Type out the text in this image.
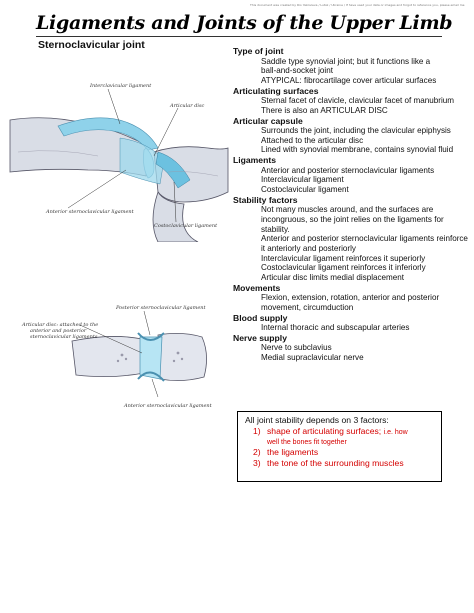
This document was created by Rio Yakovleva / Lutsk / Ukraine / If have used your data or images and forgot to reference you, please email me
Ligaments and Joints of the Upper Limb
Sternoclavicular joint
Interclavicular ligament
Articular disc
Anterior sternoclavicular ligament
Costoclavicular ligament
Posterior sternoclavicular ligament
Articular disc: attached to the
anterior and posterior
sternoclavicular ligaments
Anterior sternoclavicular ligament
Type of joint
Saddle type synovial joint; but it functions like a
ball-and-socket joint
ATYPICAL: fibrocartilage cover articular surfaces
Articulating surfaces
Sternal facet of clavicle, clavicular facet of manubrium
There is also an ARTICULAR DISC
Articular capsule
Surrounds the joint, including the clavicular epiphysis
Attached to the articular disc
Lined with synovial membrane, contains synovial fluid
Ligaments
Anterior and posterior sternoclavicular ligaments
Interclavicular ligament
Costoclavicular ligament
Stability factors
Not many muscles around, and the surfaces are
incongruous, so the joint relies on the ligaments for
stability.
Anterior and posterior sternoclavicular ligaments reinforce
it anteriorly and posteriorly
Interclavicular ligament reinforces it superiorly
Costoclavicular ligament reinforces it inferiorly
Articular disc limits medial displacement
Movements
Flexion, extension, rotation, anterior and posterior
movement, circumduction
Blood supply
Internal thoracic and subscapular arteries
Nerve supply
Nerve to subclavius
Medial supraclavicular nerve
All joint stability depends on 3 factors:
1) shape of articulating surfaces; i.e. how
well the bones fit together
2) the ligaments
3) the tone of the surrounding muscles
